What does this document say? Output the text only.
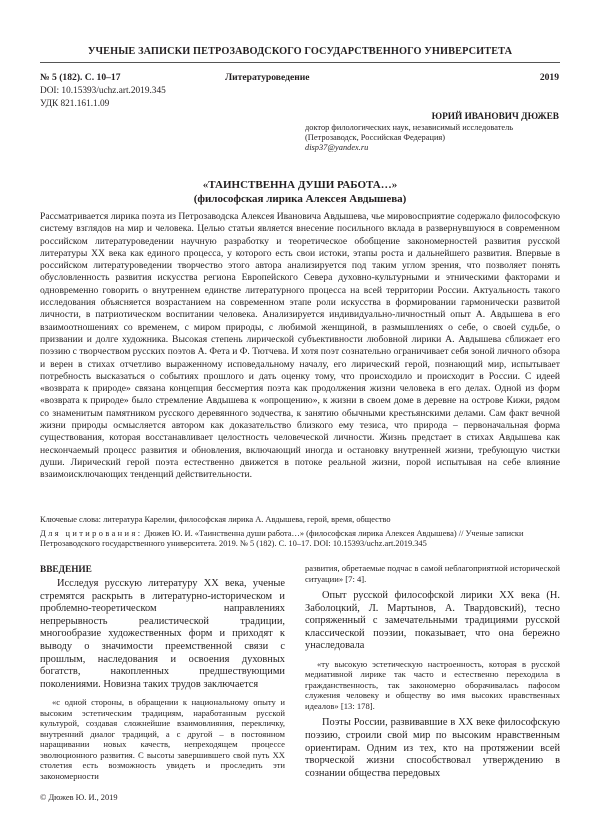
УЧЕНЫЕ ЗАПИСКИ ПЕТРОЗАВОДСКОГО ГОСУДАРСТВЕННОГО УНИВЕРСИТЕТА
№ 5 (182). С. 10–17	Литературоведение	2019
DOI: 10.15393/uchz.art.2019.345
УДК 821.161.1.09
ЮРИЙ ИВАНОВИЧ ДЮЖЕВ
доктор филологических наук, независимый исследователь
(Петрозаводск, Российская Федерация)
disp37@yandex.ru
«ТАИНСТВЕННА ДУШИ РАБОТА…»
(философская лирика Алексея Авдышева)

Рассматривается лирика поэта из Петрозаводска Алексея Ивановича Авдышева, чье мировосприятие содержало философскую систему взглядов на мир и человека. Целью статьи является внесение посильного вклада в развернувшуюся в современном российском литературоведении научную разработку и теоретическое обобщение закономерностей развития русской литературы XX века как единого процесса, у которого есть свои истоки, этапы роста и дальнейшего развития. Впервые в российском литературоведении творчество этого автора анализируется под таким углом зрения, что позволяет понять обусловленность развития искусства региона Европейского Севера духовно-культурными и этническими факторами и одновременно говорить о внутреннем единстве литературного процесса на всей территории России. Актуальность такого исследования объясняется возрастанием на современном этапе роли искусства в формировании гармонически развитой личности, в патриотическом воспитании человека. Анализируется индивидуально-личностный опыт А. Авдышева в его взаимоотношениях со временем, с миром природы, с любимой женщиной, в размышлениях о себе, о своей судьбе, о призвании и долге художника. Высокая степень лирической субъективности любовной лирики А. Авдышева сближает его поэзию с творчеством русских поэтов А. Фета и Ф. Тютчева. И хотя поэт сознательно ограничивает себя зоной личного обзора и верен в стихах отчетливо выраженному исповедальному началу, его лирический герой, познающий мир, испытывает потребность высказаться о событиях прошлого и дать оценку тому, что происходило и происходит в России. С идеей «возврата к природе» связана концепция бессмертия поэта как продолжения жизни человека в его делах. Одной из форм «возврата к природе» было стремление Авдышева к «опрощению», к жизни в своем доме в деревне на острове Кижи, рядом со знаменитым памятником русского деревянного зодчества, к занятию обычными крестьянскими делами. Сам факт вечной жизни природы осмысляется автором как доказательство близкого ему тезиса, что природа – первоначальная форма существования, которая восстанавливает целостность человеческой личности. Жизнь предстает в стихах Авдышева как нескончаемый процесс развития и обновления, включающий иногда и остановку внутренней жизни, требующую чистки души. Лирический герой поэта естественно движется в потоке реальной жизни, порой испытывая на себе влияние взаимоисключающих тенденций действительности.

Ключевые слова: литература Карелии, философская лирика А. Авдышева, герой, время, общество
Для цитирования: Дюжев Ю. И. «Таинственна души работа…» (философская лирика Алексея Авдышева) // Ученые записки Петрозаводского государственного университета. 2019. № 5 (182). С. 10–17. DOI: 10.15393/uchz.art.2019.345
ВВЕДЕНИЕ

Исследуя русскую литературу XX века, ученые стремятся раскрыть в литературно-историческом и проблемно-теоретическом направлениях непрерывность реалистической традиции, многообразие художественных форм и приходят к выводу о значимости преемственной связи с прошлым, наследования и освоения духовных богатств, накопленных предшествующими поколениями. Новизна таких трудов заключается

«с одной стороны, в обращении к национальному опыту и высоким эстетическим традициям, наработанным русской культурой, создавая сложнейшие взаимовлияния, перекличку, внутренний диалог традиций, а с другой – в постоянном наращивании новых качеств, непреходящем процессе эволюционного развития. С высоты завершившего свой путь XX столетия есть возможность увидеть и проследить эти закономерности

развития, обретаемые подчас в самой неблагоприятной исторической ситуации» [7: 4].

Опыт русской философской лирики XX века (Н. Заболоцкий, Л. Мартынов, А. Твардовский), тесно сопряженный с замечательными традициями русской классической поэзии, показывает, что она бережно унаследовала

«ту высокую эстетическую настроенность, которая в русской медиативной лирике так часто и естественно переходила в гражданственность, так закономерно оборачивалась пафосом служения человеку и обществу во имя высоких нравственных идеалов» [13: 178].

Поэты России, развивавшие в XX веке философскую поэзию, строили свой мир по высоким нравственным ориентирам. Одним из тех, кто на протяжении всей творческой жизни способствовал утверждению в сознании общества передовых

© Дюжев Ю. И., 2019
